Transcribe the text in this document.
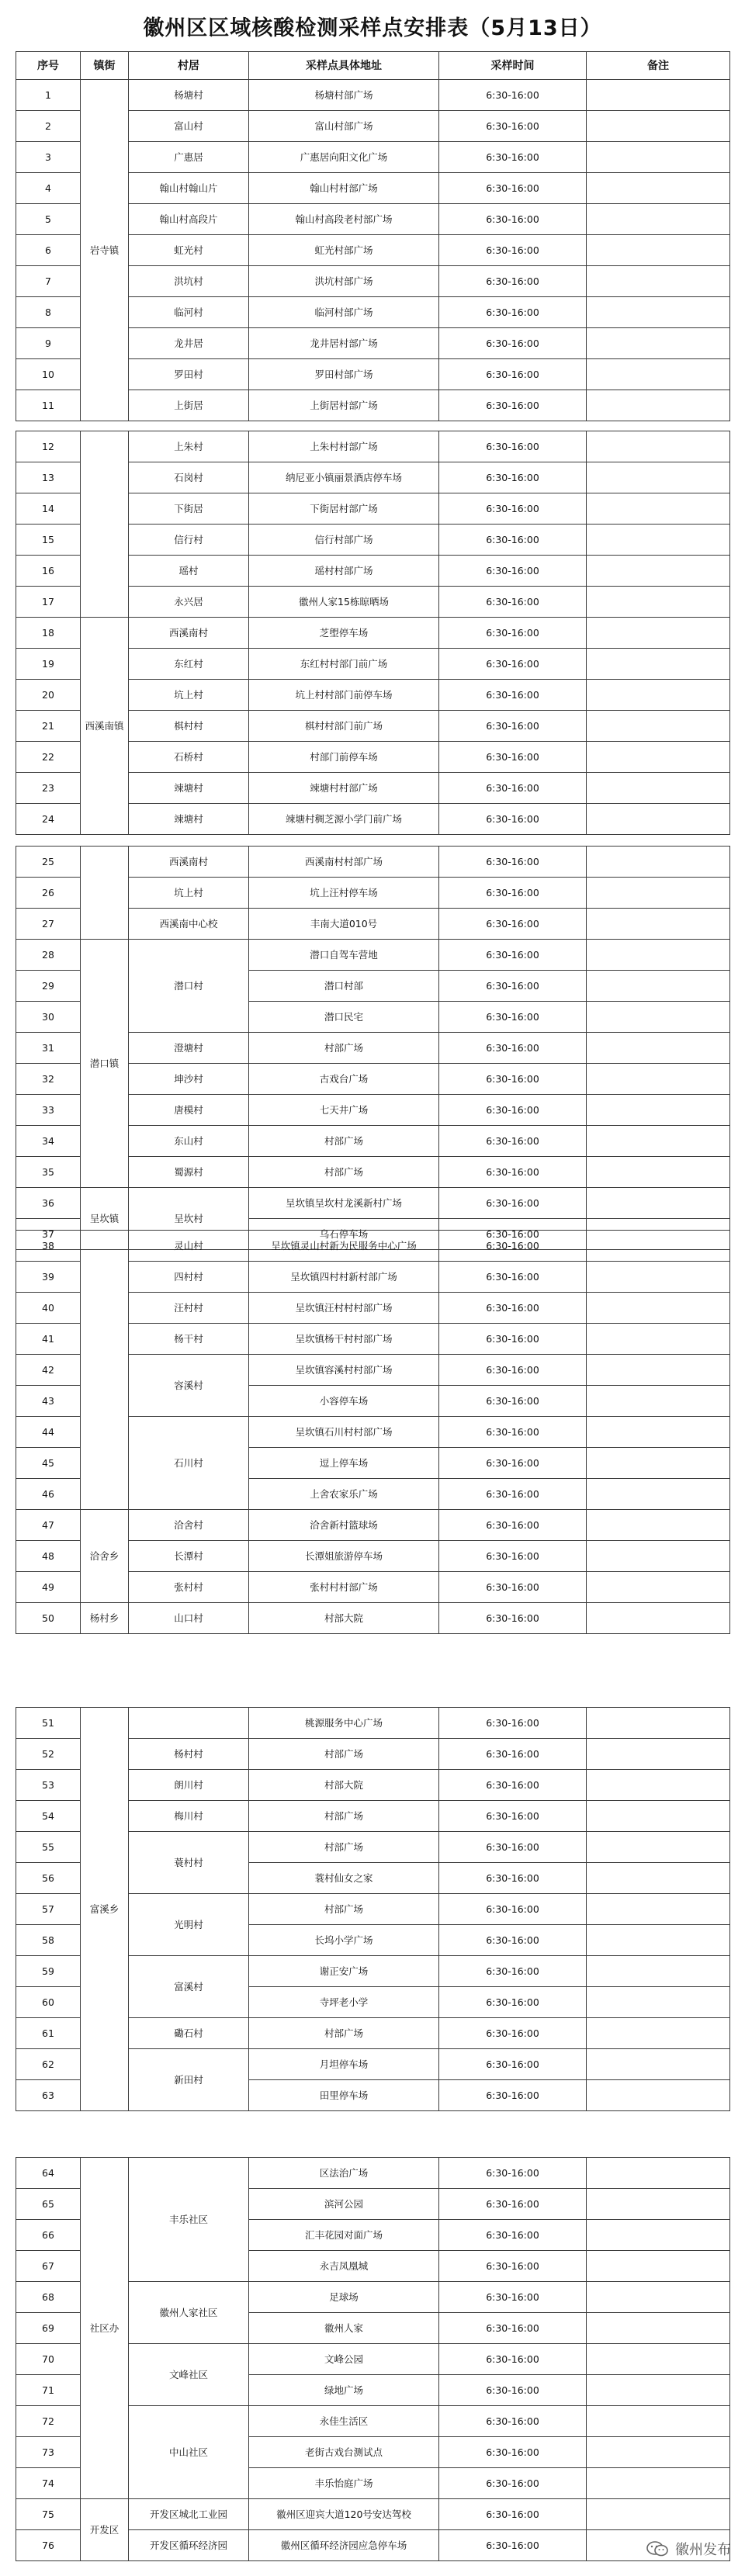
徽州区区域核酸检测采样点安排表（5月13日）
序号	镇街	村居	采样点具体地址	采样时间	备注
1	岩寺镇	杨塘村	杨塘村部广场	6:30-16:00	
2		富山村	富山村部广场	6:30-16:00	
3		广惠居	广惠居向阳文化广场	6:30-16:00	
4		翰山村翰山片	翰山村村部广场	6:30-16:00	
5		翰山村高段片	翰山村高段老村部广场	6:30-16:00	
6		虹光村	虹光村部广场	6:30-16:00	
7		洪坑村	洪坑村部广场	6:30-16:00	
8		临河村	临河村部广场	6:30-16:00	
9		龙井居	龙井居村部广场	6:30-16:00	
10		罗田村	罗田村部广场	6:30-16:00	
11		上街居	上街居村部广场	6:30-16:00	
12		上朱村	上朱村村部广场	6:30-16:00	
13		石岗村	纳尼亚小镇丽景酒店停车场	6:30-16:00	
14		下街居	下街居村部广场	6:30-16:00	
15		信行村	信行村部广场	6:30-16:00	
16		瑶村	瑶村村部广场	6:30-16:00	
17		永兴居	徽州人家15栋晾晒场	6:30-16:00	
18	西溪南镇	西溪南村	芝塱停车场	6:30-16:00	
19		东红村	东红村村部门前广场	6:30-16:00	
20		坑上村	坑上村村部门前停车场	6:30-16:00	
21		棋村村	棋村村部门前广场	6:30-16:00	
22		石桥村	村部门前停车场	6:30-16:00	
23		竦塘村	竦塘村村部广场	6:30-16:00	
24		竦塘村	竦塘村稠芝源小学门前广场	6:30-16:00	
25		西溪南村	西溪南村村部广场	6:30-16:00	
26		坑上村	坑上汪村停车场	6:30-16:00	
27		西溪南中心校	丰南大道010号	6:30-16:00	
28	潜口镇	潜口村	潜口自驾车营地	6:30-16:00	
29			潜口村部	6:30-16:00	
30			潜口民宅	6:30-16:00	
31		澄塘村	村部广场	6:30-16:00	
32		坤沙村	古戏台广场	6:30-16:00	
33		唐模村	七天井广场	6:30-16:00	
34		东山村	村部广场	6:30-16:00	
35		蜀源村	村部广场	6:30-16:00	
36	呈坎镇	呈坎村	呈坎镇呈坎村龙溪新村广场	6:30-16:00	
37			乌石停车场	6:30-16:00	
38		灵山村	呈坎镇灵山村新为民服务中心广场	6:30-16:00	
39		四村村	呈坎镇四村村新村部广场	6:30-16:00	
40		汪村村	呈坎镇汪村村村部广场	6:30-16:00	
41		杨干村	呈坎镇杨干村村部广场	6:30-16:00	
42		容溪村	呈坎镇容溪村村部广场	6:30-16:00	
43			小容停车场	6:30-16:00	
44		石川村	呈坎镇石川村村部广场	6:30-16:00	
45			逗上停车场	6:30-16:00	
46			上舍农家乐广场	6:30-16:00	
47	洽舍乡	洽舍村	洽舍新村篮球场	6:30-16:00	
48		长潭村	长潭姐旅游停车场	6:30-16:00	
49		张村村	张村村村部广场	6:30-16:00	
50	杨村乡	山口村	村部大院	6:30-16:00	
51	富溪乡		桃源服务中心广场	6:30-16:00	
52		杨村村	村部广场	6:30-16:00	
53		朗川村	村部大院	6:30-16:00	
54		梅川村	村部广场	6:30-16:00	
55		蓑村村	村部广场	6:30-16:00	
56			蓑村仙女之家	6:30-16:00	
57		光明村	村部广场	6:30-16:00	
58			长坞小学广场	6:30-16:00	
59		富溪村	谢正安广场	6:30-16:00	
60			寺坪老小学	6:30-16:00	
61		磡石村	村部广场	6:30-16:00	
62		新田村	月坦停车场	6:30-16:00	
63			田里停车场	6:30-16:00	
64	社区办	丰乐社区	区法治广场	6:30-16:00	
65			滨河公园	6:30-16:00	
66			汇丰花园对面广场	6:30-16:00	
67			永吉凤凰城	6:30-16:00	
68		徽州人家社区	足球场	6:30-16:00	
69			徽州人家	6:30-16:00	
70		文峰社区	文峰公园	6:30-16:00	
71			绿地广场	6:30-16:00	
72		中山社区	永佳生活区	6:30-16:00	
73			老街古戏台测试点	6:30-16:00	
74			丰乐怡庭广场	6:30-16:00	
75	开发区	开发区城北工业园	徽州区迎宾大道120号安达驾校	6:30-16:00	
76		开发区循环经济园	徽州区循环经济园应急停车场	6:30-16:00		徽州发布
